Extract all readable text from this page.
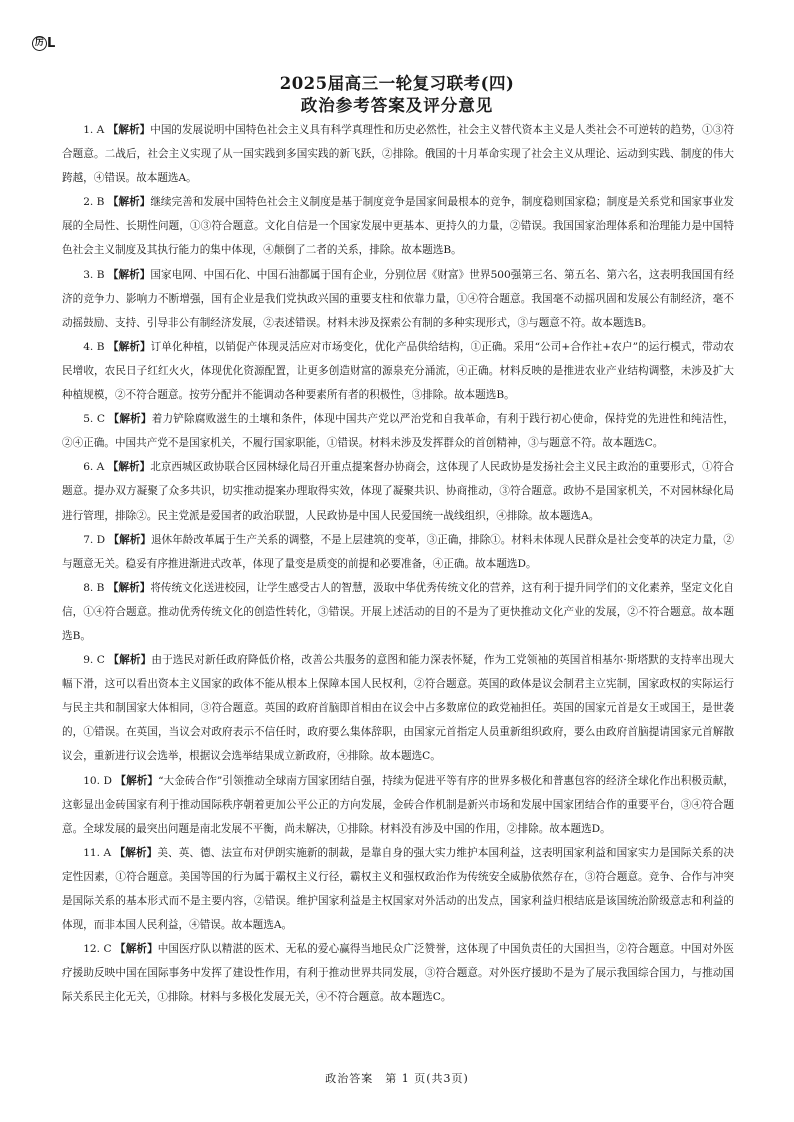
厉 L
2025届高三一轮复习联考(四)
政治参考答案及评分意见

1. A 【解析】中国的发展说明中国特色社会主义具有科学真理性和历史必然性，社会主义替代资本主义是人类社会不可逆转的趋势，①③符合题意。二战后，社会主义实现了从一国实践到多国实践的新飞跃，②排除。俄国的十月革命实现了社会主义从理论、运动到实践、制度的伟大跨越，④错误。故本题选A。

2. B 【解析】继续完善和发展中国特色社会主义制度是基于制度竞争是国家间最根本的竞争，制度稳则国家稳；制度是关系党和国家事业发展的全局性、长期性问题，①③符合题意。文化自信是一个国家发展中更基本、更持久的力量，②错误。我国国家治理体系和治理能力是中国特色社会主义制度及其执行能力的集中体现，④颠倒了二者的关系，排除。故本题选B。

3. B 【解析】国家电网、中国石化、中国石油都属于国有企业，分别位居《财富》世界500强第三名、第五名、第六名，这表明我国国有经济的竞争力、影响力不断增强，国有企业是我们党执政兴国的重要支柱和依靠力量，①④符合题意。我国毫不动摇巩固和发展公有制经济，毫不动摇鼓励、支持、引导非公有制经济发展，②表述错误。材料未涉及探索公有制的多种实现形式，③与题意不符。故本题选B。

4. B 【解析】订单化种植，以销促产体现灵活应对市场变化，优化产品供给结构，①正确。采用“公司+合作社+农户”的运行模式，带动农民增收，农民日子红红火火，体现优化资源配置，让更多创造财富的源泉充分涌流，④正确。材料反映的是推进农业产业结构调整，未涉及扩大种植规模，②不符合题意。按劳分配并不能调动各种要素所有者的积极性，③排除。故本题选B。

5. C 【解析】着力铲除腐败滋生的土壤和条件，体现中国共产党以严治党和自我革命，有利于践行初心使命，保持党的先进性和纯洁性，②④正确。中国共产党不是国家机关，不履行国家职能，①错误。材料未涉及发挥群众的首创精神，③与题意不符。故本题选C。

6. A 【解析】北京西城区政协联合区园林绿化局召开重点提案督办协商会，这体现了人民政协是发扬社会主义民主政治的重要形式，①符合题意。提办双方凝聚了众多共识，切实推动提案办理取得实效，体现了凝聚共识、协商推动，③符合题意。政协不是国家机关，不对园林绿化局进行管理，排除②。民主党派是爱国者的政治联盟，人民政协是中国人民爱国统一战线组织，④排除。故本题选A。

7. D 【解析】退休年龄改革属于生产关系的调整，不是上层建筑的变革，③正确，排除①。材料未体现人民群众是社会变革的决定力量，②与题意无关。稳妥有序推进渐进式改革，体现了量变是质变的前提和必要准备，④正确。故本题选D。

8. B 【解析】将传统文化送进校园，让学生感受古人的智慧，汲取中华优秀传统文化的营养，这有利于提升同学们的文化素养，坚定文化自信，①④符合题意。推动优秀传统文化的创造性转化，③错误。开展上述活动的目的不是为了更快推动文化产业的发展，②不符合题意。故本题选B。

9. C 【解析】由于选民对新任政府降低价格，改善公共服务的意图和能力深表怀疑，作为工党领袖的英国首相基尔·斯塔默的支持率出现大幅下滑，这可以看出资本主义国家的政体不能从根本上保障本国人民权利，②符合题意。英国的政体是议会制君主立宪制，国家政权的实际运行与民主共和制国家大体相同，③符合题意。英国的政府首脑即首相由在议会中占多数席位的政党袖担任。英国的国家元首是女王或国王，是世袭的，①错误。在英国，当议会对政府表示不信任时，政府要么集体辞职，由国家元首指定人员重新组织政府，要么由政府首脑提请国家元首解散议会，重新进行议会选举，根据议会选举结果成立新政府，④排除。故本题选C。

10. D 【解析】“大金砖合作”引领推动全球南方国家团结自强，持续为促进平等有序的世界多极化和普惠包容的经济全球化作出积极贡献，这彰显出金砖国家有利于推动国际秩序朝着更加公平公正的方向发展，金砖合作机制是新兴市场和发展中国家团结合作的重要平台，③④符合题意。全球发展的最突出问题是南北发展不平衡，尚未解决，①排除。材料没有涉及中国的作用，②排除。故本题选D。

11. A 【解析】美、英、德、法宣布对伊朗实施新的制裁，是靠自身的强大实力维护本国利益，这表明国家利益和国家实力是国际关系的决定性因素，①符合题意。美国等国的行为属于霸权主义行径，霸权主义和强权政治作为传统安全威胁依然存在，③符合题意。竞争、合作与冲突是国际关系的基本形式而不是主要内容，②错误。维护国家利益是主权国家对外活动的出发点，国家利益归根结底是该国统治阶级意志和利益的体现，而非本国人民利益，④错误。故本题选A。

12. C 【解析】中国医疗队以精湛的医术、无私的爱心赢得当地民众广泛赞誉，这体现了中国负责任的大国担当，②符合题意。中国对外医疗援助反映中国在国际事务中发挥了建设性作用，有利于推动世界共同发展，③符合题意。对外医疗援助不是为了展示我国综合国力，与推动国际关系民主化无关，①排除。材料与多极化发展无关，④不符合题意。故本题选C。

政治答案　第 1 页(共3页)
